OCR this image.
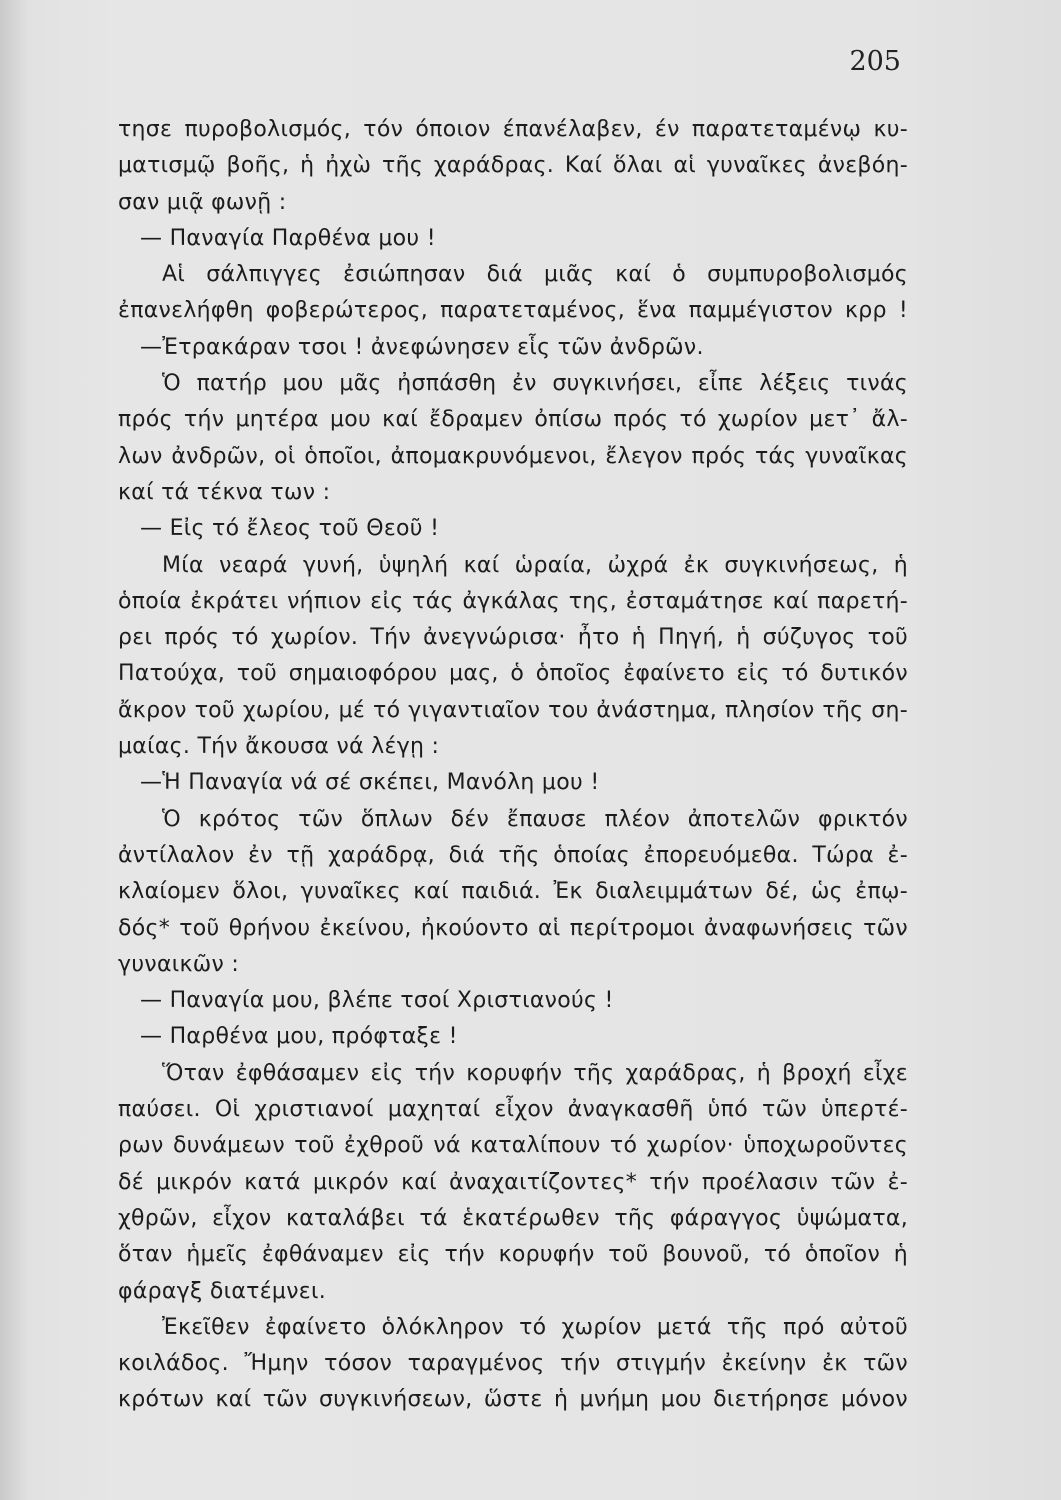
205
τησε πυροβολισμός, τόν όποιον έπανέλαβεν, έν παρατεταμένῳ κυ-
ματισμῷ βοῆς, ἡ ἠχὼ τῆς χαράδρας. Καί ὅλαι αἱ γυναῖκες ἀνεβόη-
σαν μιᾷ φωνῇ :
— Παναγία Παρθένα μου !
Αἱ σάλπιγγες ἐσιώπησαν διά μιᾶς καί ὁ συμπυροβολισμός
ἐπανελήφθη φοβερώτερος, παρατεταμένος, ἕνα παμμέγιστον κρρ !
—Ἐτρακάραν τσοι ! ἀνεφώνησεν εἷς τῶν ἀνδρῶν.
Ὁ πατήρ μου μᾶς ἠσπάσθη ἐν συγκινήσει, εἶπε λέξεις τινάς
πρός τήν μητέρα μου καί ἔδραμεν ὀπίσω πρός τό χωρίον μετ᾽ ἄλ-
λων ἀνδρῶν, οἱ ὁποῖοι, ἀπομακρυνόμενοι, ἔλεγον πρός τάς γυναῖκας
καί τά τέκνα των :
— Εἰς τό ἔλεος τοῦ Θεοῦ !
Μία νεαρά γυνή, ὑψηλή καί ὡραία, ὠχρά ἐκ συγκινήσεως, ἡ
ὁποία ἐκράτει νήπιον εἰς τάς ἀγκάλας της, ἐσταμάτησε καί παρετή-
ρει πρός τό χωρίον. Τήν ἀνεγνώρισα· ἦτο ἡ Πηγή, ἡ σύζυγος τοῦ
Πατούχα, τοῦ σημαιοφόρου μας, ὁ ὁποῖος ἐφαίνετο εἰς τό δυτικόν
ἄκρον τοῦ χωρίου, μέ τό γιγαντιαῖον του ἀνάστημα, πλησίον τῆς ση-
μαίας. Τήν ἄκουσα νά λέγῃ :
—Ἡ Παναγία νά σέ σκέπει, Μανόλη μου !
Ὁ κρότος τῶν ὅπλων δέν ἔπαυσε πλέον ἀποτελῶν φρικτόν
ἀντίλαλον ἐν τῇ χαράδρᾳ, διά τῆς ὁποίας ἐπορευόμεθα. Τώρα ἐ-
κλαίομεν ὅλοι, γυναῖκες καί παιδιά. Ἐκ διαλειμμάτων δέ, ὡς ἐπῳ-
δός* τοῦ θρήνου ἐκείνου, ἠκούοντο αἱ περίτρομοι ἀναφωνήσεις τῶν
γυναικῶν :
— Παναγία μου, βλέπε τσοί Χριστιανούς !
— Παρθένα μου, πρόφταξε !
Ὅταν ἐφθάσαμεν εἰς τήν κορυφήν τῆς χαράδρας, ἡ βροχή εἶχε
παύσει. Οἱ χριστιανοί μαχηταί εἶχον ἀναγκασθῆ ὑπό τῶν ὑπερτέ-
ρων δυνάμεων τοῦ ἐχθροῦ νά καταλίπουν τό χωρίον· ὑποχωροῦντες
δέ μικρόν κατά μικρόν καί ἀναχαιτίζοντες* τήν προέλασιν τῶν ἐ-
χθρῶν, εἶχον καταλάβει τά ἑκατέρωθεν τῆς φάραγγος ὑψώματα,
ὅταν ἡμεῖς ἐφθάναμεν εἰς τήν κορυφήν τοῦ βουνοῦ, τό ὁποῖον ἡ
φάραγξ διατέμνει.
Ἐκεῖθεν ἐφαίνετο ὁλόκληρον τό χωρίον μετά τῆς πρό αὐτοῦ
κοιλάδος. Ἤμην τόσον ταραγμένος τήν στιγμήν ἐκείνην ἐκ τῶν
κρότων καί τῶν συγκινήσεων, ὥστε ἡ μνήμη μου διετήρησε μόνον
